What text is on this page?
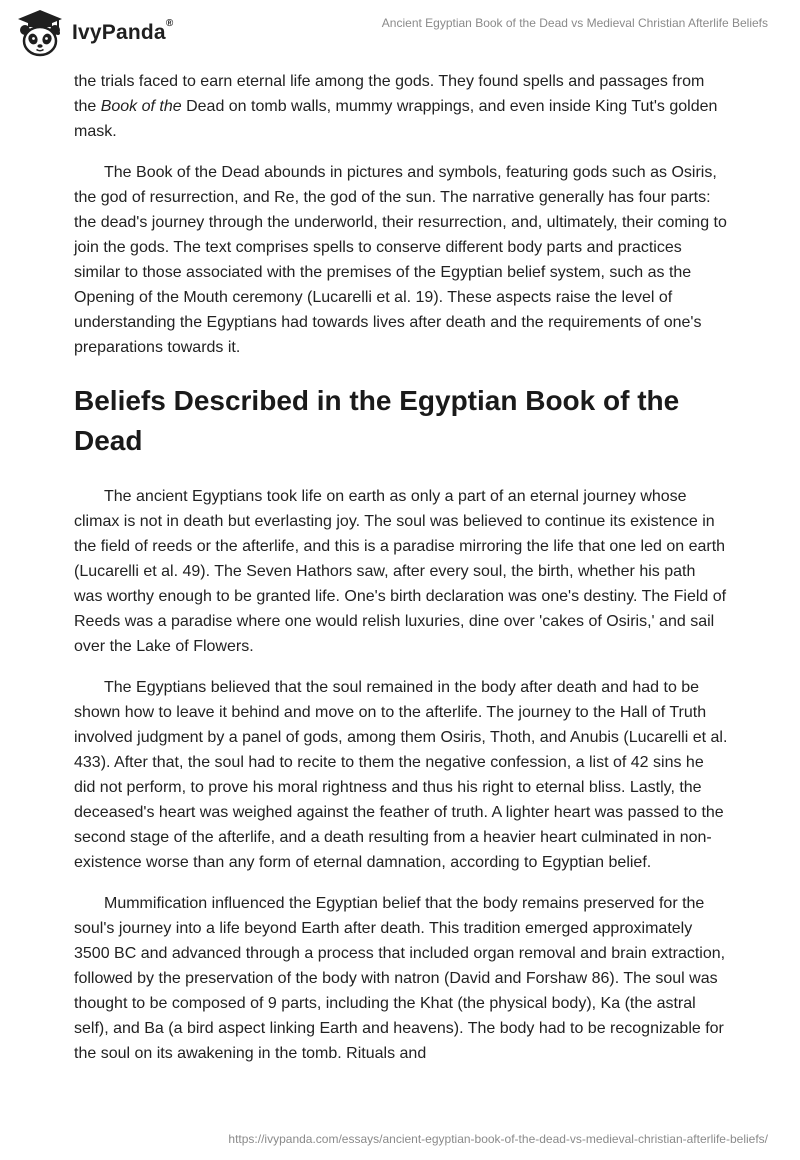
IvyPanda®	Ancient Egyptian Book of the Dead vs Medieval Christian Afterlife Beliefs

the trials faced to earn eternal life among the gods. They found spells and passages from the Book of the Dead on tomb walls, mummy wrappings, and even inside King Tut's golden mask.

The Book of the Dead abounds in pictures and symbols, featuring gods such as Osiris, the god of resurrection, and Re, the god of the sun. The narrative generally has four parts: the dead's journey through the underworld, their resurrection, and, ultimately, their coming to join the gods. The text comprises spells to conserve different body parts and practices similar to those associated with the premises of the Egyptian belief system, such as the Opening of the Mouth ceremony (Lucarelli et al. 19). These aspects raise the level of understanding the Egyptians had towards lives after death and the requirements of one's preparations towards it.

Beliefs Described in the Egyptian Book of the Dead

The ancient Egyptians took life on earth as only a part of an eternal journey whose climax is not in death but everlasting joy. The soul was believed to continue its existence in the field of reeds or the afterlife, and this is a paradise mirroring the life that one led on earth (Lucarelli et al. 49). The Seven Hathors saw, after every soul, the birth, whether his path was worthy enough to be granted life. One's birth declaration was one's destiny. The Field of Reeds was a paradise where one would relish luxuries, dine over 'cakes of Osiris,' and sail over the Lake of Flowers.

The Egyptians believed that the soul remained in the body after death and had to be shown how to leave it behind and move on to the afterlife. The journey to the Hall of Truth involved judgment by a panel of gods, among them Osiris, Thoth, and Anubis (Lucarelli et al. 433). After that, the soul had to recite to them the negative confession, a list of 42 sins he did not perform, to prove his moral rightness and thus his right to eternal bliss. Lastly, the deceased's heart was weighed against the feather of truth. A lighter heart was passed to the second stage of the afterlife, and a death resulting from a heavier heart culminated in non-existence worse than any form of eternal damnation, according to Egyptian belief.

Mummification influenced the Egyptian belief that the body remains preserved for the soul's journey into a life beyond Earth after death. This tradition emerged approximately 3500 BC and advanced through a process that included organ removal and brain extraction, followed by the preservation of the body with natron (David and Forshaw 86). The soul was thought to be composed of 9 parts, including the Khat (the physical body), Ka (the astral self), and Ba (a bird aspect linking Earth and heavens). The body had to be recognizable for the soul on its awakening in the tomb. Rituals and

https://ivypanda.com/essays/ancient-egyptian-book-of-the-dead-vs-medieval-christian-afterlife-beliefs/
